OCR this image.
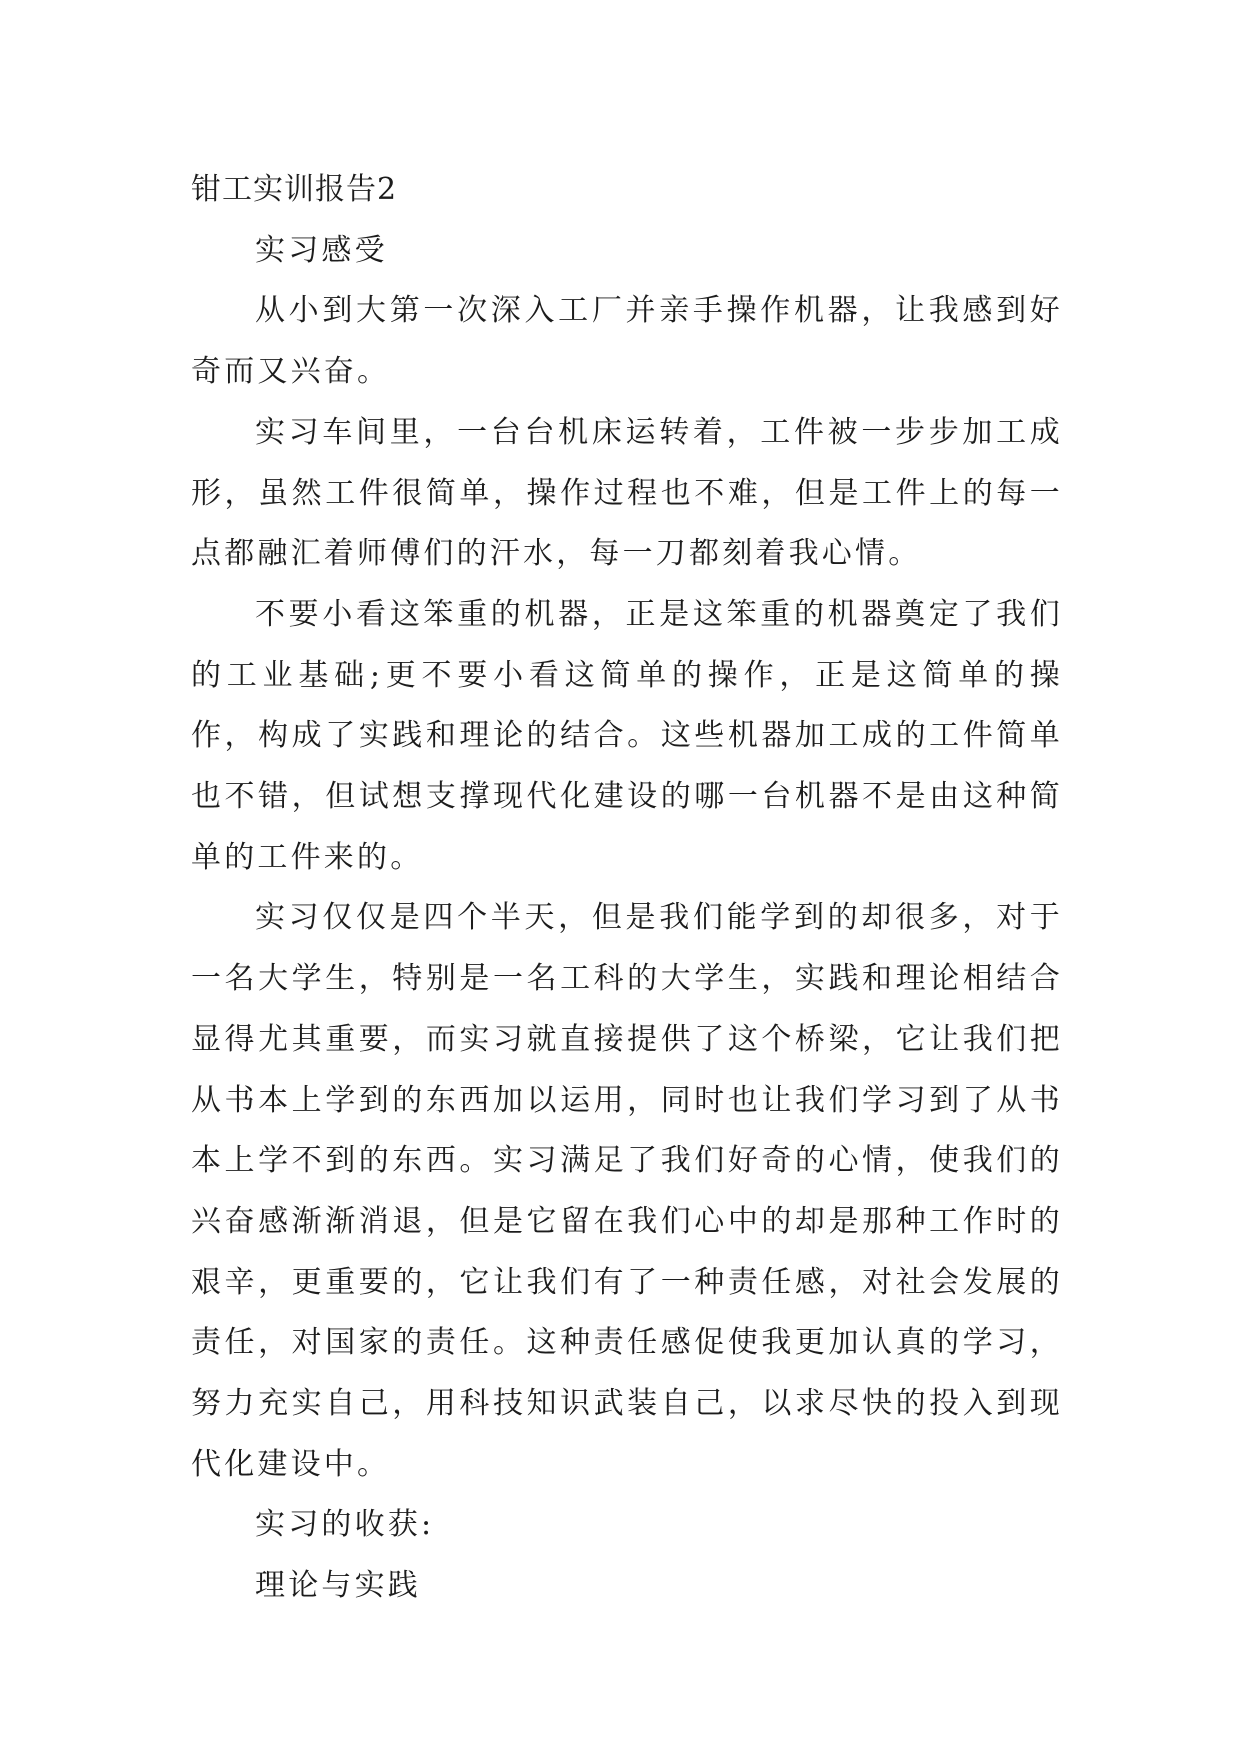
钳工实训报告2

实习感受

从小到大第一次深入工厂并亲手操作机器，让我感到好奇而又兴奋。

实习车间里，一台台机床运转着，工件被一步步加工成形，虽然工件很简单，操作过程也不难，但是工件上的每一点都融汇着师傅们的汗水，每一刀都刻着我心情。

不要小看这笨重的机器，正是这笨重的机器奠定了我们的工业基础;更不要小看这简单的操作，正是这简单的操作，构成了实践和理论的结合。这些机器加工成的工件简单也不错，但试想支撑现代化建设的哪一台机器不是由这种简单的工件来的。

实习仅仅是四个半天，但是我们能学到的却很多，对于一名大学生，特别是一名工科的大学生，实践和理论相结合显得尤其重要，而实习就直接提供了这个桥梁，它让我们把从书本上学到的东西加以运用，同时也让我们学习到了从书本上学不到的东西。实习满足了我们好奇的心情，使我们的兴奋感渐渐消退，但是它留在我们心中的却是那种工作时的艰辛，更重要的，它让我们有了一种责任感，对社会发展的责任，对国家的责任。这种责任感促使我更加认真的学习，努力充实自己，用科技知识武装自己，以求尽快的投入到现代化建设中。

实习的收获:

理论与实践
